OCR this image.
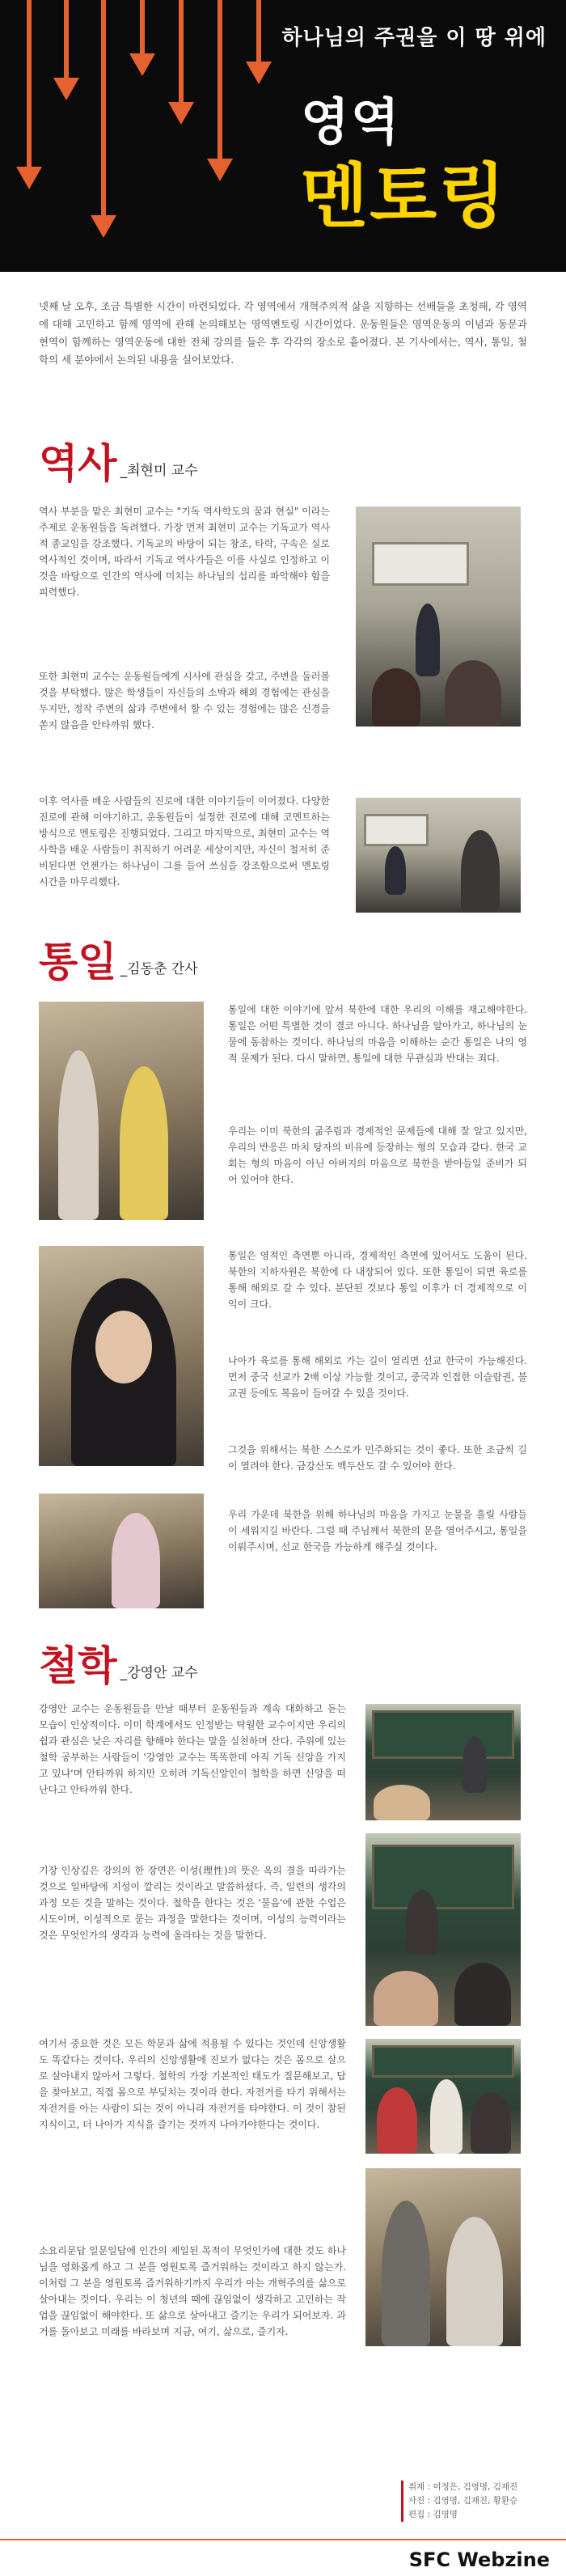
하나님의 주권을 이 땅 위에
영역
멘토링

넷째 날 오후, 조금 특별한 시간이 마련되었다. 각 영역에서 개혁주의적 삶을 지향하는 선배들을 초청해, 각 영역에 대해 고민하고 함께 영역에 관해 논의해보는 영역멘토링 시간이었다. 운동원들은 영역운동의 이념과 동문과 현역이 함께하는 영역운동에 대한 전체 강의를 들은 후 각각의 장소로 흩어졌다. 본 기사에서는, 역사, 통일, 철학의 세 분야에서 논의된 내용을 실어보았다.

역사 _최현미 교수

역사 부분을 맡은 최현미 교수는 "기독 역사학도의 꿈과 현실" 이라는 주제로 운동원들을 독려했다. 가장 먼저 최현미 교수는 기독교가 역사적 종교임을 강조했다. 기독교의 바탕이 되는 창조, 타락, 구속은 실로 역사적인 것이며, 따라서 기독교 역사가들은 이를 사실로 인정하고 이것을 바탕으로 인간의 역사에 미치는 하나님의 섭리를 파악해야 함을 피력했다.

또한 최현미 교수는 운동원들에게 시사에 관심을 갖고, 주변을 둘러볼 것을 부탁했다. 많은 학생들이 자신들의 소박과 해외 경험에는 관심을 두지만, 정작 주변의 삶과 주변에서 할 수 있는 경험에는 많은 신경을 쏟지 않음을 안타까워 했다.

이후 역사를 배운 사람들의 진로에 대한 이야기들이 이어졌다. 다양한 진로에 관해 이야기하고, 운동원들이 설정한 진로에 대해 코멘트하는 방식으로 멘토링은 진행되었다. 그리고 마지막으로, 최현미 교수는 역사학을 배운 사람들이 취직하기 어려운 세상이지만, 자신이 철저히 준비된다면 언젠가는 하나님이 그를 들어 쓰심을 강조함으로써 멘토링 시간을 마무리했다.

통일 _김동춘 간사

통일에 대한 이야기에 앞서 북한에 대한 우리의 이해를 재고해야한다. 통일은 어떤 특별한 것이 결코 아니다. 하나님을 알아가고, 하나님의 눈물에 동참하는 것이다. 하나님의 마음을 이해하는 순간 통일은 나의 영적 문제가 된다. 다시 말하면, 통일에 대한 무관심과 반대는 죄다.

우리는 이미 북한의 굶주림과 경제적인 문제들에 대해 잘 알고 있지만, 우리의 반응은 마치 탕자의 비유에 등장하는 형의 모습과 같다. 한국 교회는 형의 마음이 아닌 아버지의 마음으로 북한을 받아들일 준비가 되어 있어야 한다.

통일은 영적인 측면뿐 아니라, 경제적인 측면에 있어서도 도움이 된다. 북한의 지하자원은 북한에 다 내장되어 있다. 또한 통일이 되면 육로를 통해 해외로 갈 수 있다. 분단된 것보다 통일 이후가 더 경제적으로 이익이 크다.

나아가 육로를 통해 해외로 가는 길이 열리면 선교 한국이 가능해진다. 먼저 중국 선교가 2배 이상 가능할 것이고, 중국과 인접한 이슬람권, 불교권 등에도 복음이 들어갈 수 있을 것이다.

그것을 위해서는 북한 스스로가 민주화되는 것이 좋다. 또한 조금씩 길이 열려야 한다. 금강산도 백두산도 갈 수 있어야 한다.

우리 가운데 북한을 위해 하나님의 마음을 가지고 눈물을 흘릴 사람들이 세워지길 바란다. 그럴 때 주님께서 북한의 문을 열어주시고, 통일을 이뤄주시며, 선교 한국을 가능하게 해주실 것이다.

철학 _강영안 교수

강영안 교수는 운동원들을 만날 때부터 운동원들과 계속 대화하고 듣는 모습이 인상적이다. 이미 학계에서도 인정받는 탁월한 교수이지만 우리의 쉽과 관심은 낮은 자리를 향해야 한다는 말을 실천하며 산다. 주위에 있는 철학 공부하는 사람들이 '강영안 교수는 똑똑한데 아직 기독 신앙을 가지고 있냐'며 안타까워 하지만 오히려 기독신앙인이 철학을 하면 신앙을 떠난다고 안타까워 한다.

기장 인상깊은 강의의 한 장면은 이성(理性)의 뜻은 옥의 결을 따라가는 것으로 일바탕에 지성이 깔리는 것이라고 말씀하셨다. 즉, 일련의 생각의 과정 모든 것을 말하는 것이다. 철학을 한다는 것은 '물음'에 관한 수업은 시도이며, 이성적으로 묻는 과정을 말한다는 것이며, 이성의 능력이라는 것은 무엇인가의 생각과 능력에 올라타는 것을 말한다.

여기서 중요한 것은 모든 학문과 삶에 적용될 수 있다는 것인데 신앙생활도 똑같다는 것이다. 우리의 신앙생활에 진보가 없다는 것은 몸으로 살으로 살아내지 않아서 그렇다. 철학의 가장 기본적인 태도가 질문해보고, 답을 찾아보고, 직접 몸으로 부딪치는 것이라 한다. 자전거를 타기 위해서는 자전거를 아는 사람이 되는 것이 아니라 자전거를 타야한다. 이 것이 참된 지식이고, 더 나아가 지식을 즐기는 것까지 나아가야한다는 것이다.

소요리문답 일문일답에 인간의 제일된 목적이 무엇인가에 대한 것도 하나님을 영화롭게 하고 그 분을 영원토록 즐거워하는 것이라고 하지 않는가. 이처럼 그 분을 영원토록 즐거워하기까지 우리가 아는 개혁주의를 삶으로 살아내는 것이다. 우리는 이 청년의 때에 끊임없이 생각하고 고민하는 작업을 끊임없이 해야한다. 또 삶으로 살아내고 즐기는 우리가 되어보자. 과거를 돌아보고 미래를 바라보며 지금, 여기, 삶으로, 즐기자.

취재 : 이정은, 김영명, 김재진
사진 : 김영명, 김재진, 황환승
편집 : 김영명
SFC Webzine
